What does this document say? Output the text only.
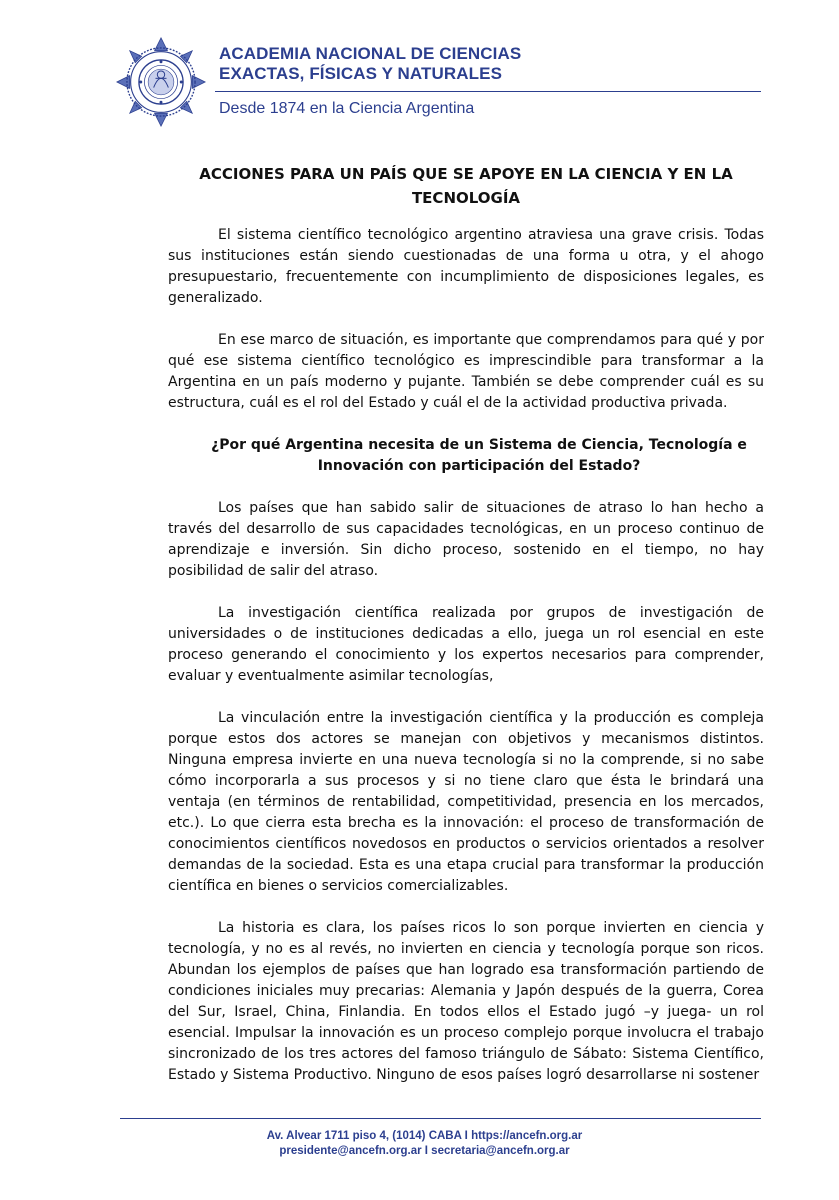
ACADEMIA NACIONAL DE CIENCIAS
EXACTAS, FÍSICAS Y NATURALES
Desde 1874 en la Ciencia Argentina
ACCIONES PARA UN PAÍS QUE SE APOYE EN LA CIENCIA Y EN LA TECNOLOGÍA

El sistema científico tecnológico argentino atraviesa una grave crisis. Todas sus instituciones están siendo cuestionadas de una forma u otra, y el ahogo presupuestario, frecuentemente con incumplimiento de disposiciones legales, es generalizado.

En ese marco de situación, es importante que comprendamos para qué y por qué ese sistema científico tecnológico es imprescindible para transformar a la Argentina en un país moderno y pujante. También se debe comprender cuál es su estructura, cuál es el rol del Estado y cuál el de la actividad productiva privada.

¿Por qué Argentina necesita de un Sistema de Ciencia, Tecnología e Innovación con participación del Estado?

Los países que han sabido salir de situaciones de atraso lo han hecho a través del desarrollo de sus capacidades tecnológicas, en un proceso continuo de aprendizaje e inversión. Sin dicho proceso, sostenido en el tiempo, no hay posibilidad de salir del atraso.

La investigación científica realizada por grupos de investigación de universidades o de instituciones dedicadas a ello, juega un rol esencial en este proceso generando el conocimiento y los expertos necesarios para comprender, evaluar y eventualmente asimilar tecnologías,

La vinculación entre la investigación científica y la producción es compleja porque estos dos actores se manejan con objetivos y mecanismos distintos. Ninguna empresa invierte en una nueva tecnología si no la comprende, si no sabe cómo incorporarla a sus procesos y si no tiene claro que ésta le brindará una ventaja (en términos de rentabilidad, competitividad, presencia en los mercados, etc.). Lo que cierra esta brecha es la innovación: el proceso de transformación de conocimientos científicos novedosos en productos o servicios orientados a resolver demandas de la sociedad. Esta es una etapa crucial para transformar la producción científica en bienes o servicios comercializables.

La historia es clara, los países ricos lo son porque invierten en ciencia y tecnología, y no es al revés, no invierten en ciencia y tecnología porque son ricos. Abundan los ejemplos de países que han logrado esa transformación partiendo de condiciones iniciales muy precarias: Alemania y Japón después de la guerra, Corea del Sur, Israel, China, Finlandia. En todos ellos el Estado jugó –y juega- un rol esencial. Impulsar la innovación es un proceso complejo porque involucra el trabajo sincronizado de los tres actores del famoso triángulo de Sábato: Sistema Científico, Estado y Sistema Productivo. Ninguno de esos países logró desarrollarse ni sostener

Av. Alvear 1711 piso 4, (1014) CABA I https://ancefn.org.ar
presidente@ancefn.org.ar I secretaria@ancefn.org.ar
